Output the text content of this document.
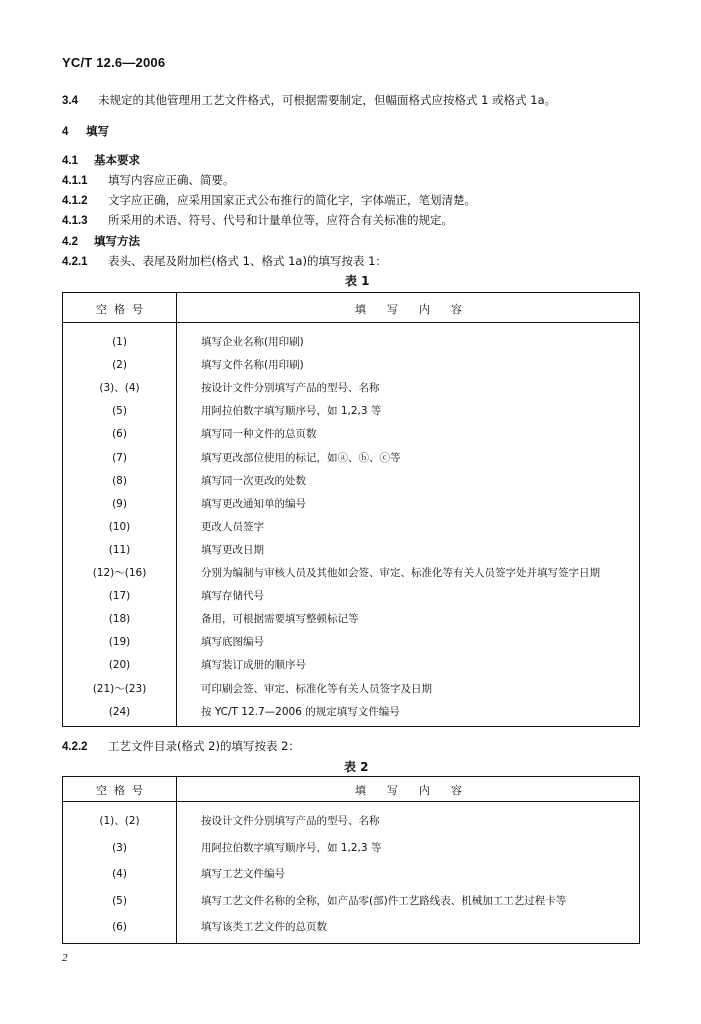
YC/T 12.6—2006
3.4 未规定的其他管理用工艺文件格式，可根据需要制定，但幅面格式应按格式 1 或格式 1a。
4 填写
4.1 基本要求
4.1.1 填写内容应正确、简要。
4.1.2 文字应正确，应采用国家正式公布推行的简化字，字体端正，笔划清楚。
4.1.3 所采用的术语、符号、代号和计量单位等，应符合有关标准的规定。
4.2 填写方法
4.2.1 表头、表尾及附加栏(格式 1、格式 1a)的填写按表 1：
表 1
空  格  号	填      写      内      容
(1)	填写企业名称(用印刷)
(2)	填写文件名称(用印刷)
(3)、(4)	按设计文件分别填写产品的型号、名称
(5)	用阿拉伯数字填写顺序号，如 1,2,3 等
(6)	填写同一种文件的总页数
(7)	填写更改部位使用的标记，如ⓐ、ⓑ、ⓒ等
(8)	填写同一次更改的处数
(9)	填写更改通知单的编号
(10)	更改人员签字
(11)	填写更改日期
(12)～(16)	分别为编制与审核人员及其他如会签、审定、标准化等有关人员签字处并填写签字日期
(17)	填写存储代号
(18)	备用，可根据需要填写整顿标记等
(19)	填写底图编号
(20)	填写装订成册的顺序号
(21)～(23)	可印刷会签、审定、标准化等有关人员签字及日期
(24)	按 YC/T 12.7—2006 的规定填写文件编号
4.2.2 工艺文件目录(格式 2)的填写按表 2：
表 2
空  格  号	填      写      内      容
(1)、(2)	按设计文件分别填写产品的型号、名称
(3)	用阿拉伯数字填写顺序号，如 1,2,3 等
(4)	填写工艺文件编号
(5)	填写工艺文件名称的全称，如产品零(部)件工艺路线表、机械加工工艺过程卡等
(6)	填写该类工艺文件的总页数
2
